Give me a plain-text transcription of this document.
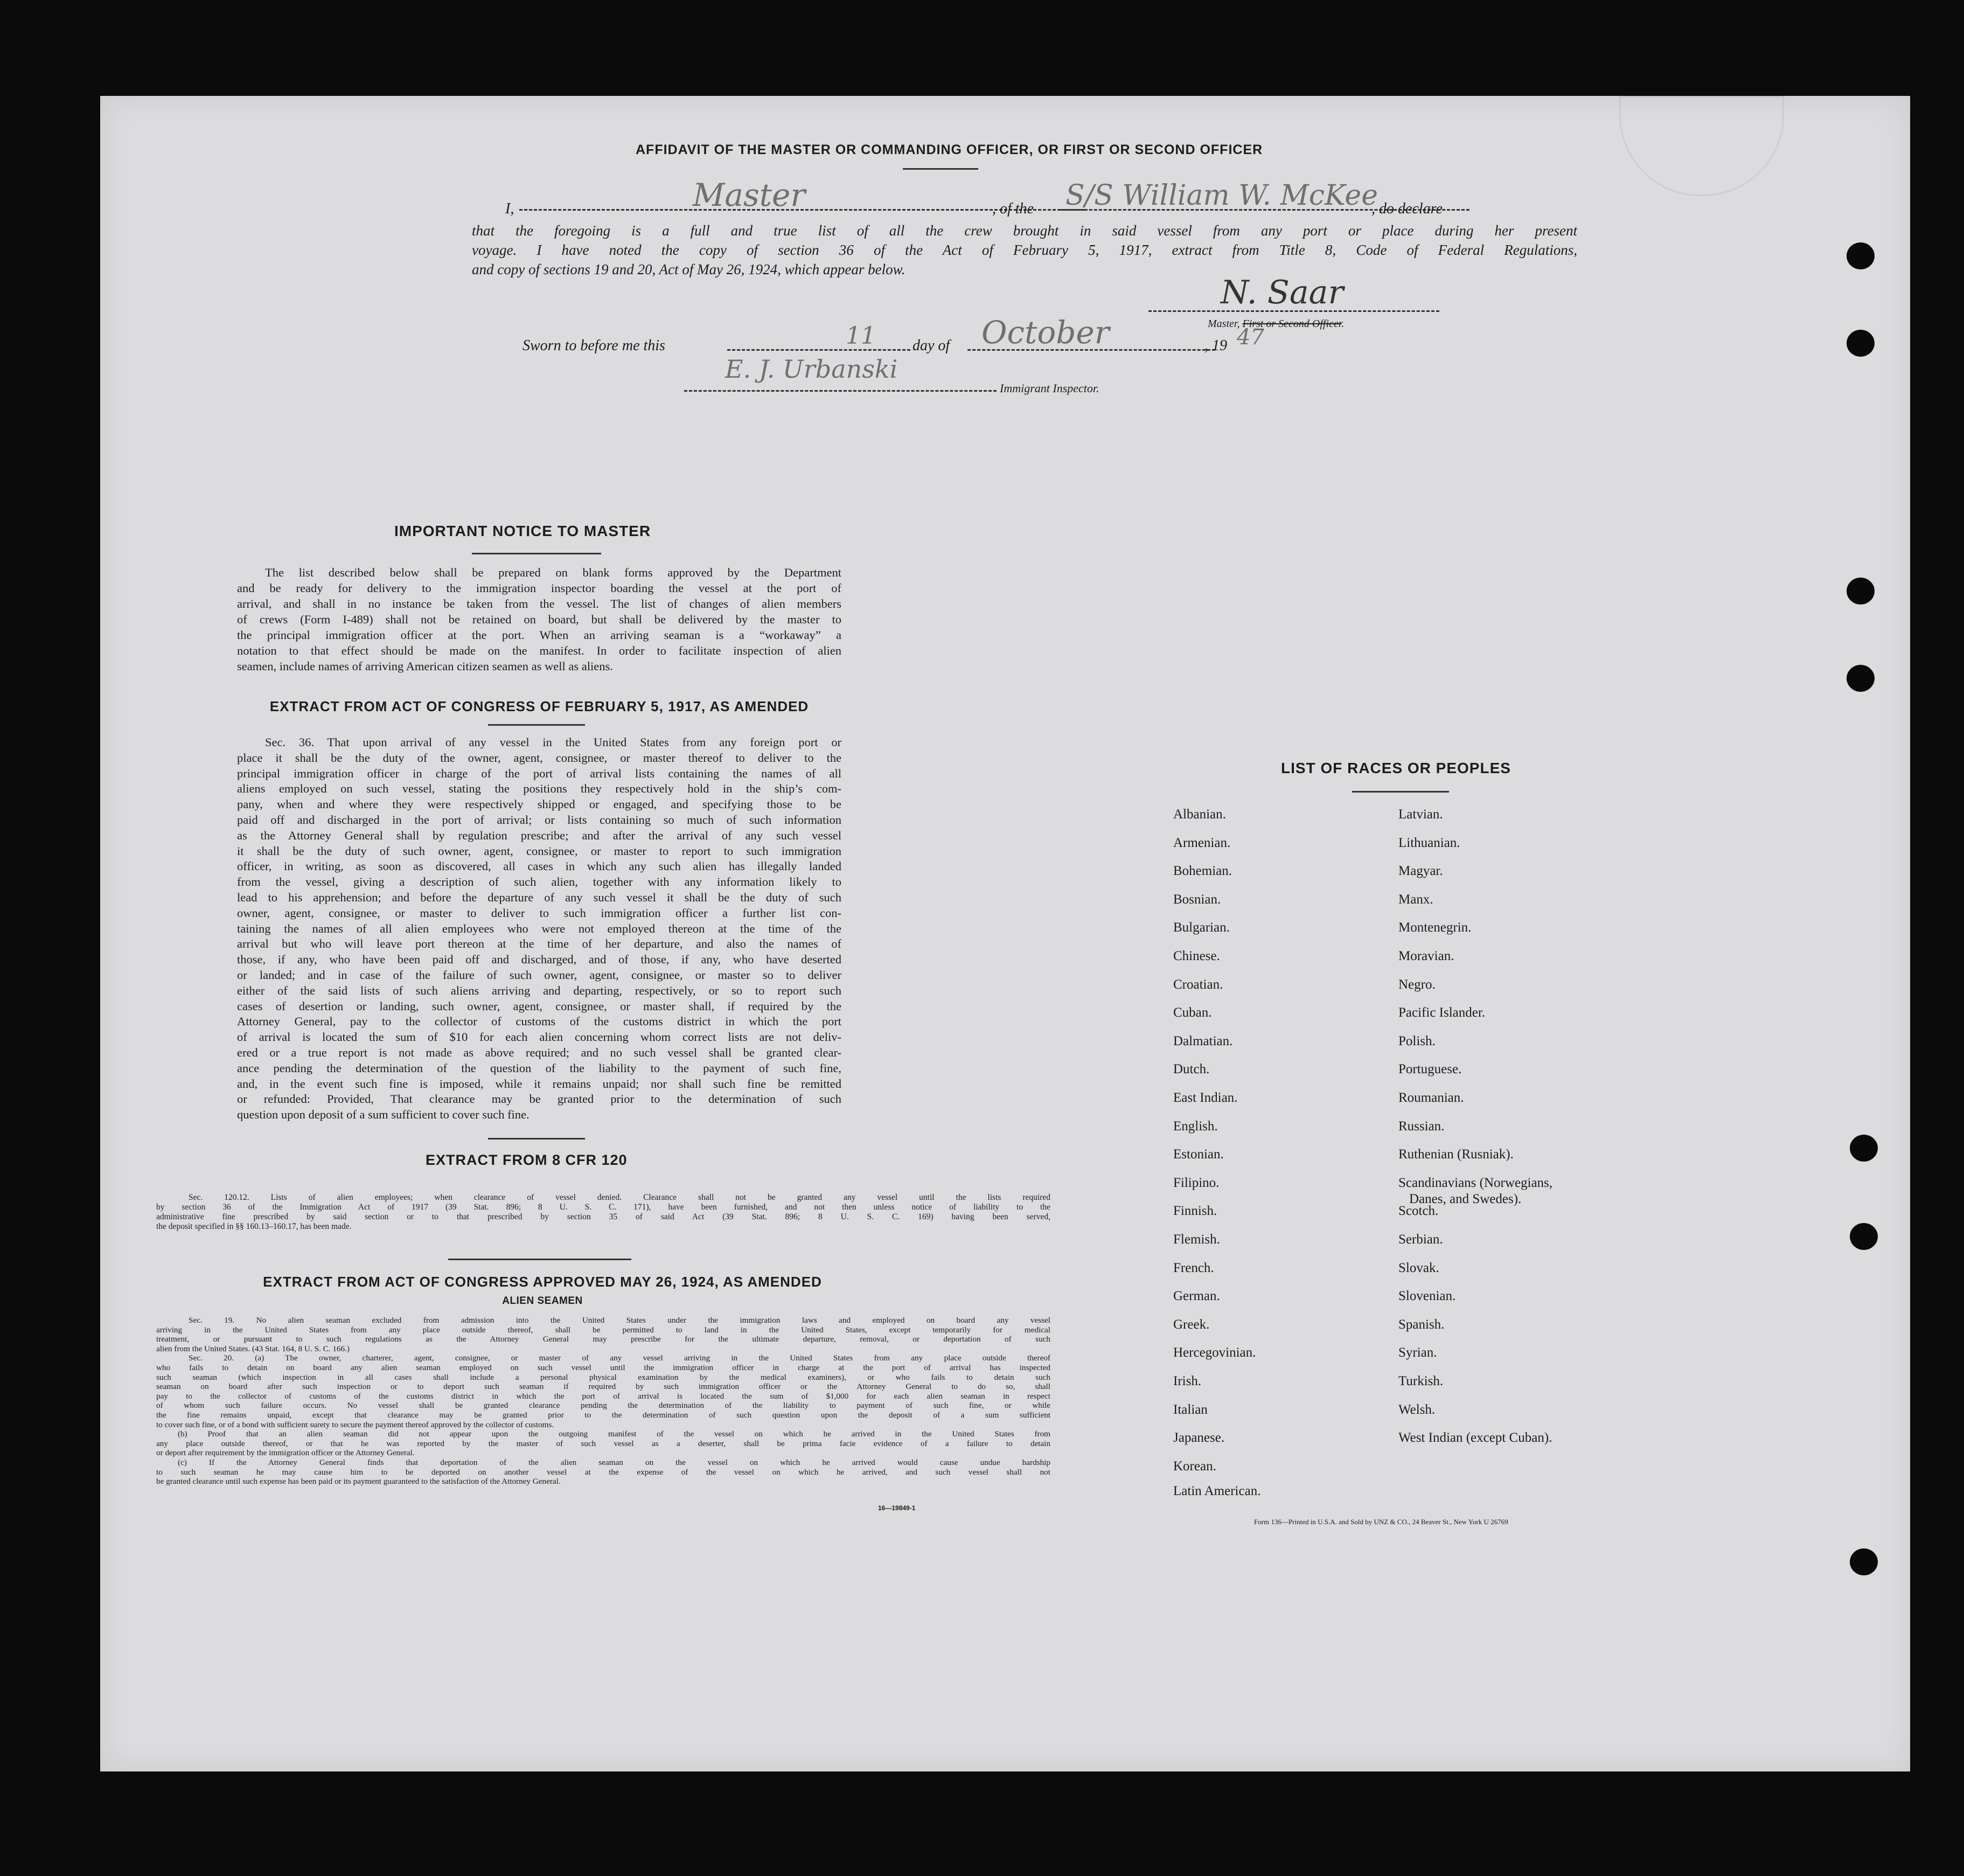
AFFIDAVIT OF THE MASTER OR COMMANDING OFFICER, OR FIRST OR SECOND OFFICER
I,	Master	, of the S/S William W. McKee
, do declare
that the foregoing is a full and true list of all the crew brought in said vessel from any port or place during her present
voyage. I have noted the copy of section 36 of the Act of February 5, 1917, extract from Title 8, Code of Federal Regulations,
and copy of sections 19 and 20, Act of May 26, 1924, which appear below.
N. Saar
Master, First or Second Officer.
Sworn to before me this	11 day of October	, 19 47
E. J. Urbanski
Immigrant Inspector.
IMPORTANT NOTICE TO MASTER
The list described below shall be prepared on blank forms approved by the Department
and be ready for delivery to the immigration inspector boarding the vessel at the port of
arrival, and shall in no instance be taken from the vessel. The list of changes of alien members
of crews (Form I-489) shall not be retained on board, but shall be delivered by the master to
the principal immigration officer at the port. When an arriving seaman is a “workaway” a
notation to that effect should be made on the manifest. In order to facilitate inspection of alien
seamen, include names of arriving American citizen seamen as well as aliens.
EXTRACT FROM ACT OF CONGRESS OF FEBRUARY 5, 1917, AS AMENDED
Sec. 36. That upon arrival of any vessel in the United States from any foreign port or
place it shall be the duty of the owner, agent, consignee, or master thereof to deliver to the
principal immigration officer in charge of the port of arrival lists containing the names of all
aliens employed on such vessel, stating the positions they respectively hold in the ship’s com-
pany, when and where they were respectively shipped or engaged, and specifying those to be
paid off and discharged in the port of arrival; or lists containing so much of such information
as the Attorney General shall by regulation prescribe; and after the arrival of any such vessel
it shall be the duty of such owner, agent, consignee, or master to report to such immigration
officer, in writing, as soon as discovered, all cases in which any such alien has illegally landed
from the vessel, giving a description of such alien, together with any information likely to
lead to his apprehension; and before the departure of any such vessel it shall be the duty of such
owner, agent, consignee, or master to deliver to such immigration officer a further list con-
taining the names of all alien employees who were not employed thereon at the time of the
arrival but who will leave port thereon at the time of her departure, and also the names of
those, if any, who have been paid off and discharged, and of those, if any, who have deserted
or landed; and in case of the failure of such owner, agent, consignee, or master so to deliver
either of the said lists of such aliens arriving and departing, respectively, or so to report such
cases of desertion or landing, such owner, agent, consignee, or master shall, if required by the
Attorney General, pay to the collector of customs of the customs district in which the port
of arrival is located the sum of $10 for each alien concerning whom correct lists are not deliv-
ered or a true report is not made as above required; and no such vessel shall be granted clear-
ance pending the determination of the question of the liability to the payment of such fine,
and, in the event such fine is imposed, while it remains unpaid; nor shall such fine be remitted
or refunded: Provided, That clearance may be granted prior to the determination of such
question upon deposit of a sum sufficient to cover such fine.
EXTRACT FROM 8 CFR 120
Sec. 120.12. Lists of alien employees; when clearance of vessel denied. Clearance shall not be granted any vessel until the lists required
by section 36 of the Immigration Act of 1917 (39 Stat. 896; 8 U. S. C. 171), have been furnished, and not then unless notice of liability to the
administrative fine prescribed by said section or to that prescribed by section 35 of said Act (39 Stat. 896; 8 U. S. C. 169) having been served,
the deposit specified in §§ 160.13–160.17, has been made.
EXTRACT FROM ACT OF CONGRESS APPROVED MAY 26, 1924, AS AMENDED
ALIEN SEAMEN
Sec. 19. No alien seaman excluded from admission into the United States under the immigration laws and employed on board any vessel
arriving in the United States from any place outside thereof, shall be permitted to land in the United States, except temporarily for medical
treatment, or pursuant to such regulations as the Attorney General may prescribe for the ultimate departure, removal, or deportation of such
alien from the United States. (43 Stat. 164, 8 U. S. C. 166.)
Sec. 20. (a) The owner, charterer, agent, consignee, or master of any vessel arriving in the United States from any place outside thereof
who fails to detain on board any alien seaman employed on such vessel until the immigration officer in charge at the port of arrival has inspected
such seaman (which inspection in all cases shall include a personal physical examination by the medical examiners), or who fails to detain such
seaman on board after such inspection or to deport such seaman if required by such immigration officer or the Attorney General to do so, shall
pay to the collector of customs of the customs district in which the port of arrival is located the sum of $1,000 for each alien seaman in respect
of whom such failure occurs. No vessel shall be granted clearance pending the determination of the liability to payment of such fine, or while
the fine remains unpaid, except that clearance may be granted prior to the determination of such question upon the deposit of a sum sufficient
to cover such fine, or of a bond with sufficient surety to secure the payment thereof approved by the collector of customs.
(b) Proof that an alien seaman did not appear upon the outgoing manifest of the vessel on which he arrived in the United States from
any place outside thereof, or that he was reported by the master of such vessel as a deserter, shall be prima facie evidence of a failure to detain
or deport after requirement by the immigration officer or the Attorney General.
(c) If the Attorney General finds that deportation of the alien seaman on the vessel on which he arrived would cause undue hardship
to such seaman he may cause him to be deported on another vessel at the expense of the vessel on which he arrived, and such vessel shall not
be granted clearance until such expense has been paid or its payment guaranteed to the satisfaction of the Attorney General.
16—19849-1
LIST OF RACES OR PEOPLES
Form 136—Printed in U.S.A. and Sold by UNZ & CO., 24 Beaver St., New York U 26769
Albanian.
Armenian.
Bohemian.
Bosnian.
Bulgarian.
Chinese.
Croatian.
Cuban.
Dalmatian.
Dutch.
East Indian.
English.
Estonian.
Filipino.
Finnish.
Flemish.
French.
German.
Greek.
Hercegovinian.
Irish.
Italian
Japanese.
Korean.
Latin American.
Latvian.
Lithuanian.
Magyar.
Manx.
Montenegrin.
Moravian.
Negro.
Pacific Islander.
Polish.
Portuguese.
Roumanian.
Russian.
Ruthenian (Rusniak).
Scandinavians (Norwegians,
Danes, and Swedes).
Scotch.
Serbian.
Slovak.
Slovenian.
Spanish.
Syrian.
Turkish.
Welsh.
West Indian (except Cuban).
